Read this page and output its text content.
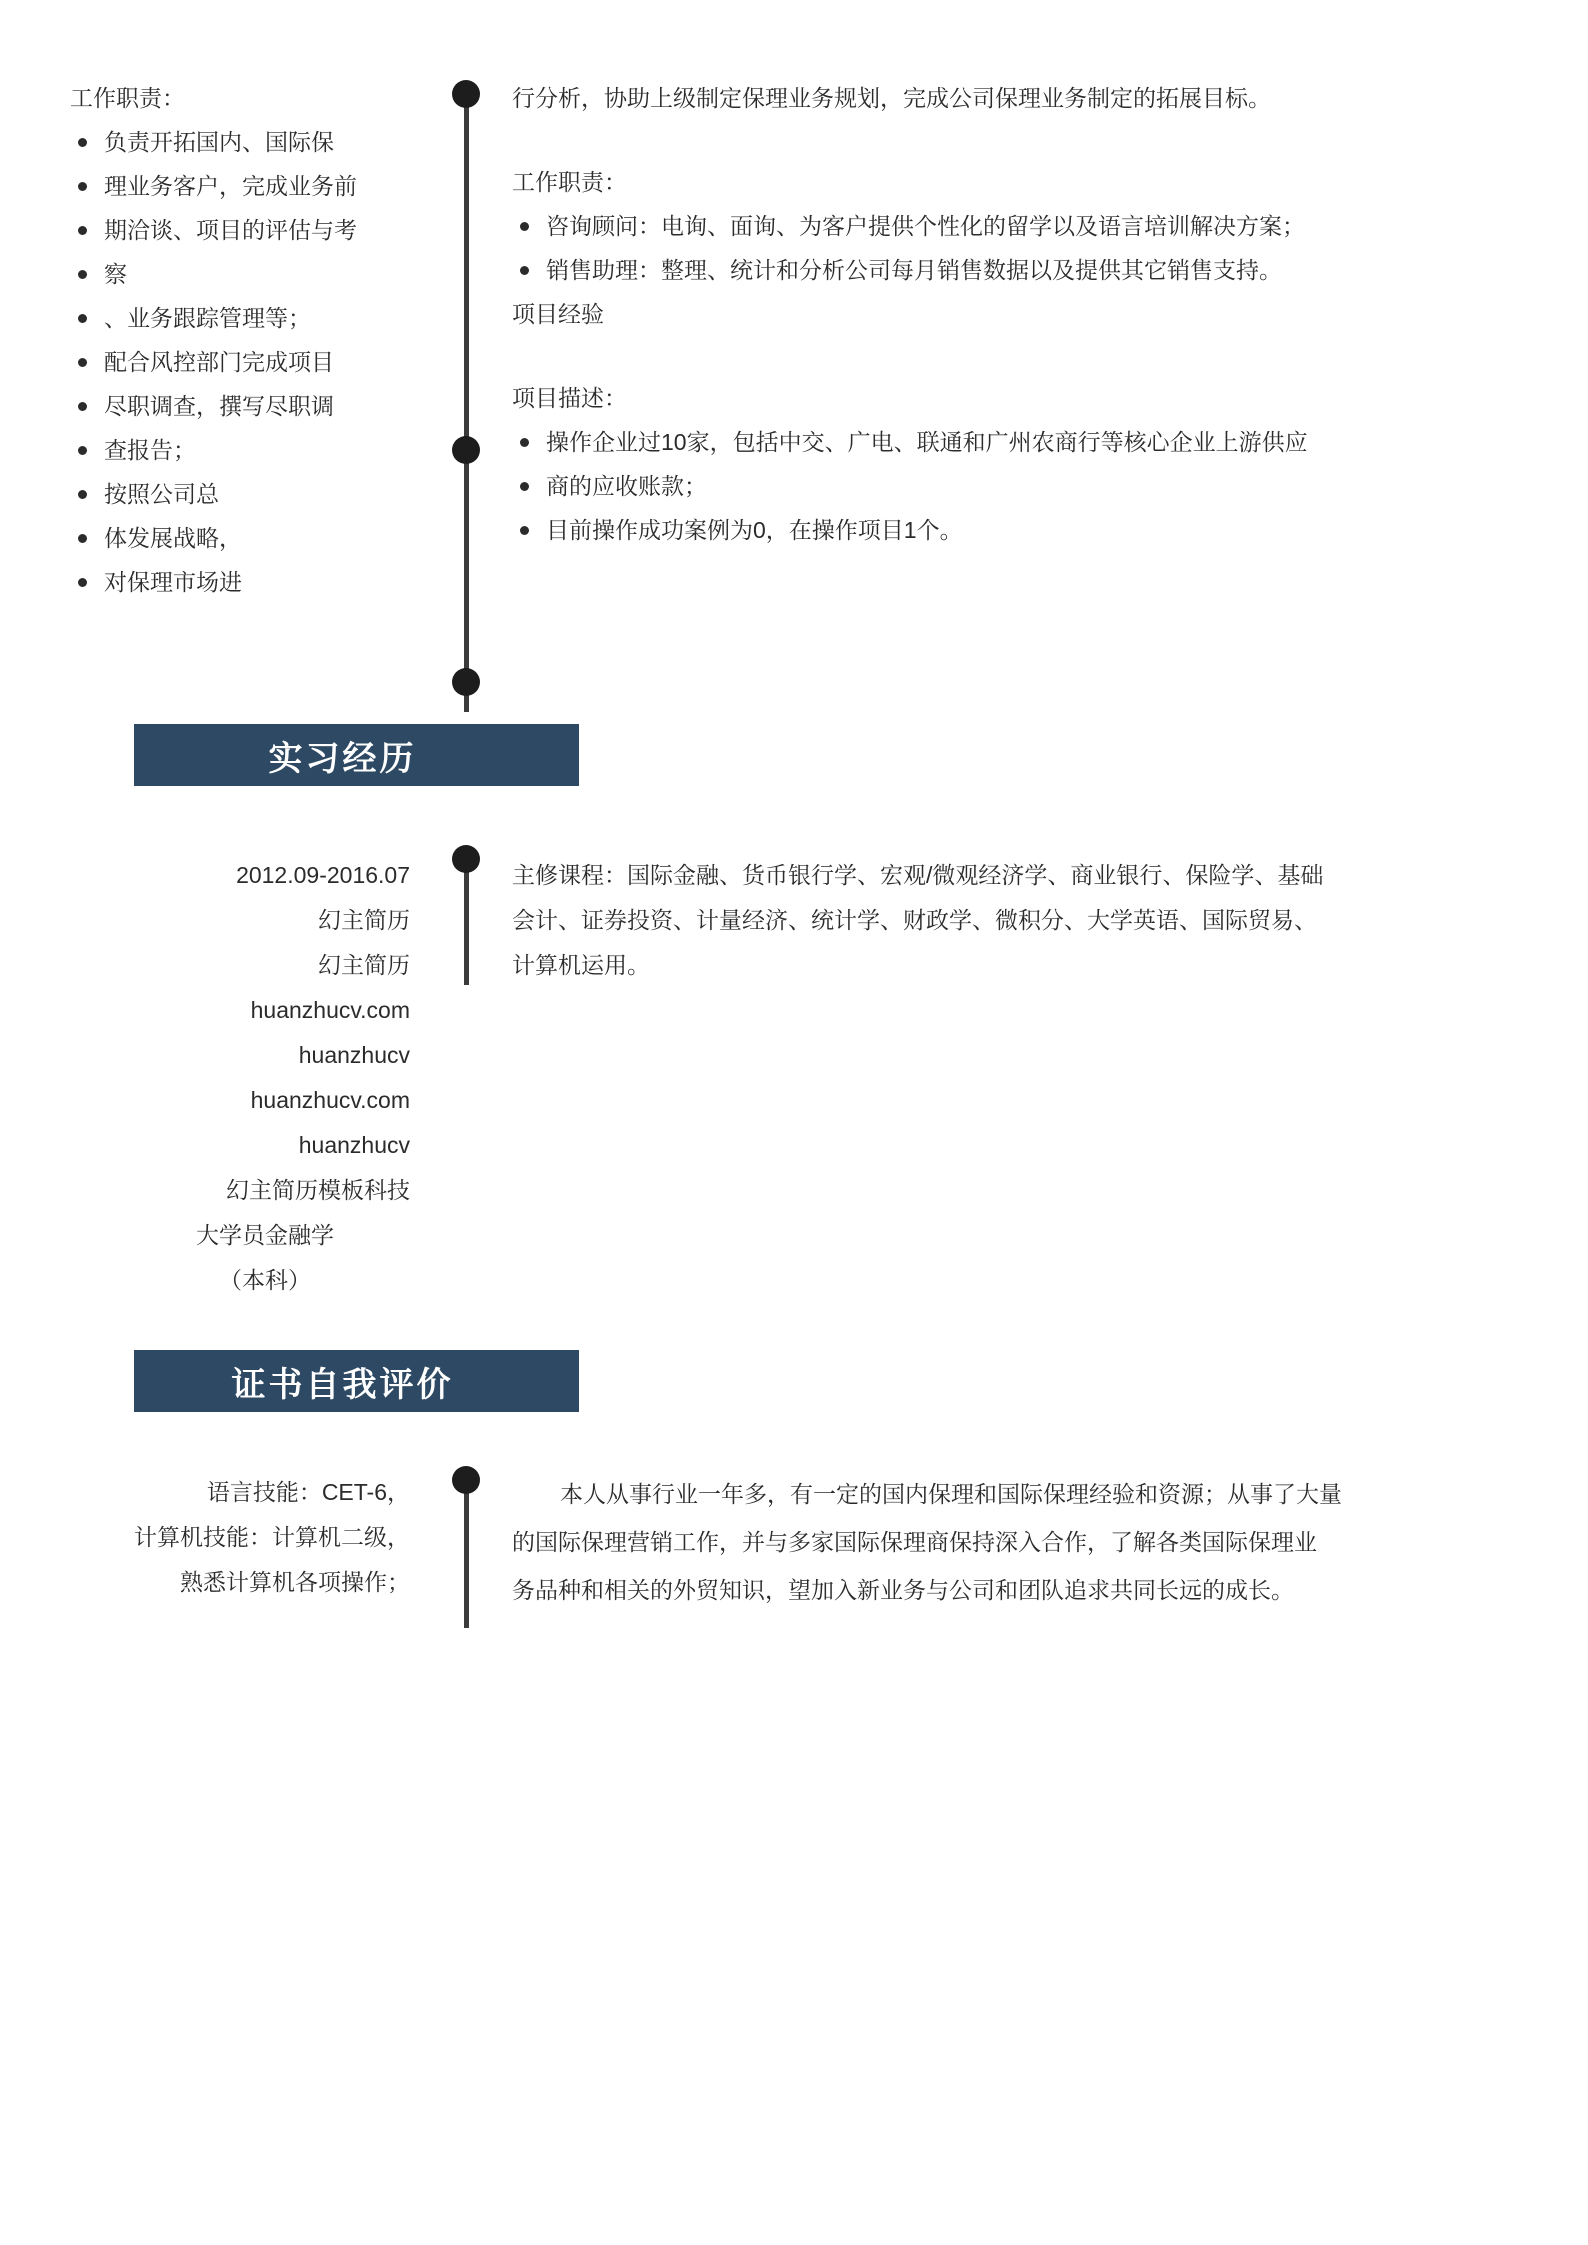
工作职责：
负责开拓国内、国际保
理业务客户，完成业务前
期洽谈、项目的评估与考
察
、业务跟踪管理等；
配合风控部门完成项目
尽职调查，撰写尽职调
查报告；
按照公司总
体发展战略，
对保理市场进
行分析，协助上级制定保理业务规划，完成公司保理业务制定的拓展目标。
工作职责：
咨询顾问：电询、面询、为客户提供个性化的留学以及语言培训解决方案；
销售助理：整理、统计和分析公司每月销售数据以及提供其它销售支持。
项目经验
项目描述：
操作企业过10家，包括中交、广电、联通和广州农商行等核心企业上游供应
商的应收账款；
目前操作成功案例为0，在操作项目1个。
实习经历
2012.09-2016.07
幻主简历
幻主简历
huanzhucv.com
huanzhucv
huanzhucv.com
huanzhucv
幻主简历模板科技
大学员金融学
（本科）
主修课程：国际金融、货币银行学、宏观/微观经济学、商业银行、保险学、基础
会计、证券投资、计量经济、统计学、财政学、微积分、大学英语、国际贸易、
计算机运用。
证书自我评价
语言技能：CET-6，
计算机技能：计算机二级，
熟悉计算机各项操作；

本人从事行业一年多，有一定的国内保理和国际保理经验和资源；从事了大量

的国际保理营销工作，并与多家国际保理商保持深入合作，了解各类国际保理业
务品种和相关的外贸知识，望加入新业务与公司和团队追求共同长远的成长。
